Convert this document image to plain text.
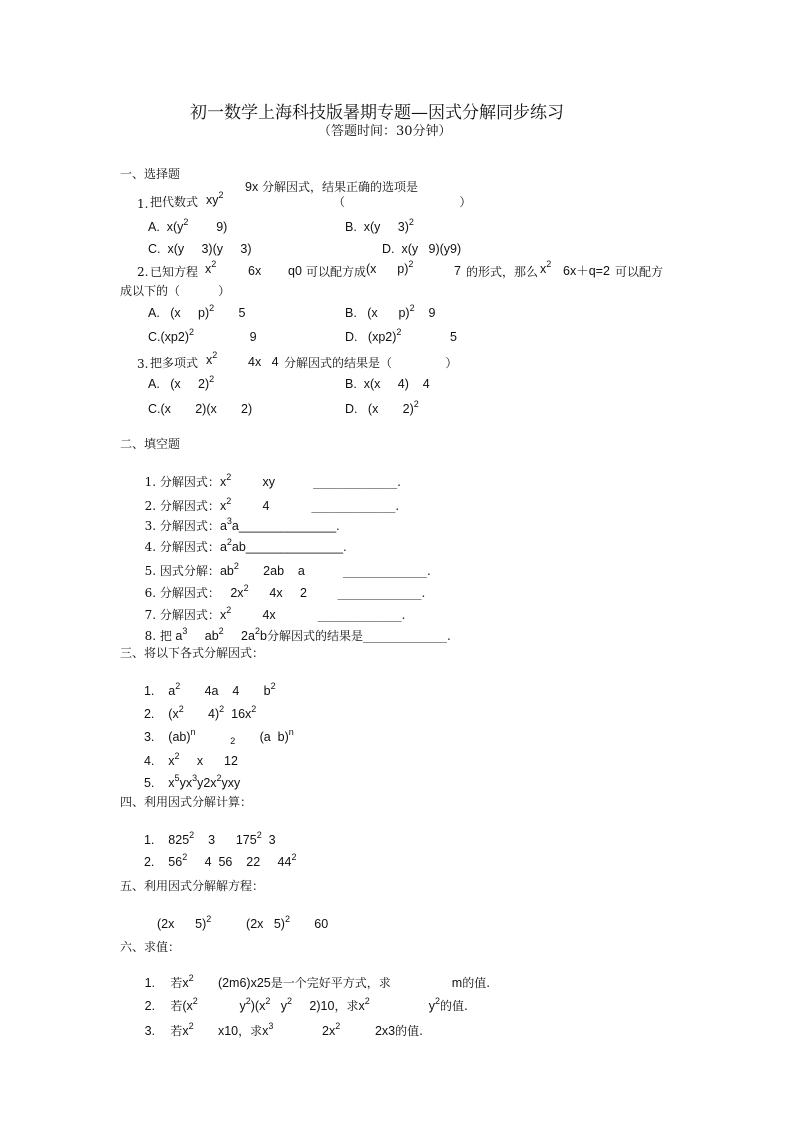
初一数学上海科技版暑期专题—因式分解同步练习
（答题时间：30分钟）
一、选择题
1. 把代数式 $xy^2$
9x 分解因式，结果正确的选项是
（                              ）
A.  $x(y^2$ 9)	B.  x(y     3)$^2$
C.  x(y     3)(y     3)	D.  x(y   9)(y9)
2. 已知方程 $x^2$	6x q0 可以配方成 (x      p)$^2$	7 的形式，那么 $x^2$ 6x＋q=2 可以配方
成以下的（          ）
A.   (x     p)$^2$ 5	B.   (x      p)$^2$ 9
$C.(xp2)^2$	9	D.   $(xp2)^2$	5
3. 把多项式 $x^2$ 4x   4 分解因式的结果是（              ）
A.   (x     2)$^2$	B.  x(x     4)    4
C.(x       2)(x       2)	D.   (x       2)$^2$
二、填空题

1. 分解因式：$x^2$         xy	______________.

2. 分解因式：$x^2$         4	______________.

3. 分解因式：$a^3a\_\_\_\_\_\_\_\_\_\_\_\_\_\_$.

4. 分解因式：$a^2ab\_\_\_\_\_\_\_\_\_\_\_\_\_\_$.

5. 因式分解：$ab^2$       2ab    a	______________.

6. 分解因式：   $2x^2$      4x     2	______________.

7. 分解因式：$x^2$         4x	______________.

8. 把 $a^3$     $ab^2$     $2a^2b$分解因式的结果是______________.

三、将以下各式分解因式：

1. $a^2$       4a    4       $b^2$

2. ($x^2$       4)$^2$  $16x^2$

3. (ab)$^n$          $_2$ (a  b)$^n$

4. $x^2$     x      12

5. $x^5yx^3y2x^2yxy$

四、利用因式分解计算：

1. $825^2$    3      $175^2$  3

2. $56^2$     4  56    22     $44^2$

五、利用因式分解解方程：

(2x      5)$^2$	(2x   5)$^2$ 60

六、求值：

1. 若$x^2$ (2m6)x25是一个完好平方式，求	m的值.

2. 若($x^2$	$y^2)(x^2$ $y^2$ 2)10，求$x^2$	$y^2$的值.

3. 若$x^2$ x10，求$x^3$	$2x^2$	2x3的值.
